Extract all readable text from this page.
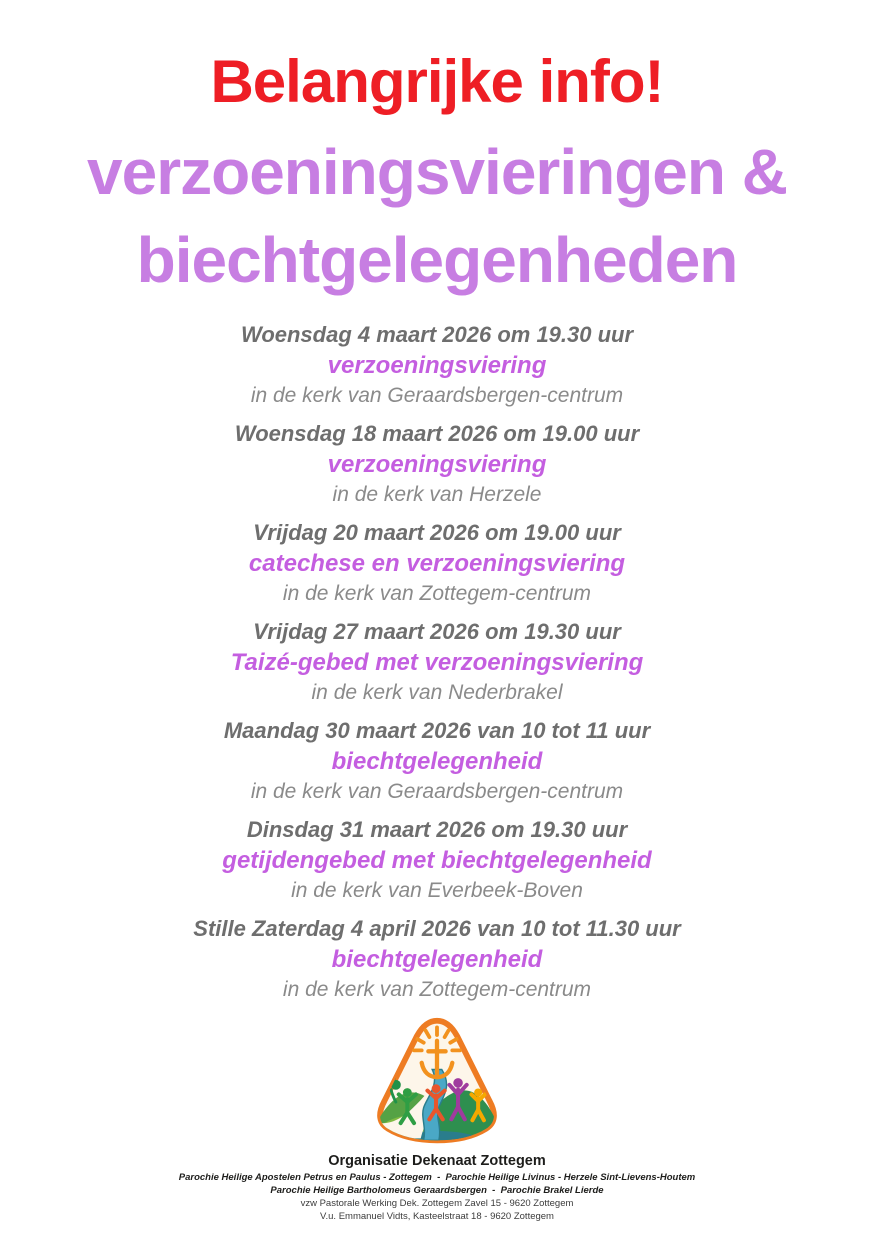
Belangrijke info!
verzoeningsvieringen &
biechtgelegenheden
Woensdag 4 maart 2026 om 19.30 uur
verzoeningsviering
in de kerk van Geraardsbergen-centrum
Woensdag 18 maart 2026 om 19.00 uur
verzoeningsviering
in de kerk van Herzele
Vrijdag 20 maart 2026 om 19.00 uur
catechese en verzoeningsviering
in de kerk van Zottegem-centrum
Vrijdag 27 maart 2026 om 19.30 uur
Taizé-gebed met verzoeningsviering
in de kerk van Nederbrakel
Maandag 30 maart 2026 van 10 tot 11 uur
biechtgelegenheid
in de kerk van Geraardsbergen-centrum
Dinsdag 31 maart 2026 om 19.30 uur
getijdengebed met biechtgelegenheid
in de kerk van Everbeek-Boven
Stille Zaterdag 4 april 2026 van 10 tot 11.30 uur
biechtgelegenheid
in de kerk van Zottegem-centrum
Organisatie Dekenaat Zottegem
Parochie Heilige Apostelen Petrus en Paulus - Zottegem  -  Parochie Heilige Livinus - Herzele Sint-Lievens-Houtem
Parochie Heilige Bartholomeus Geraardsbergen  -  Parochie Brakel Lierde
vzw Pastorale Werking Dek. Zottegem Zavel 15 - 9620 Zottegem
V.u. Emmanuel Vidts, Kasteelstraat 18 - 9620 Zottegem
